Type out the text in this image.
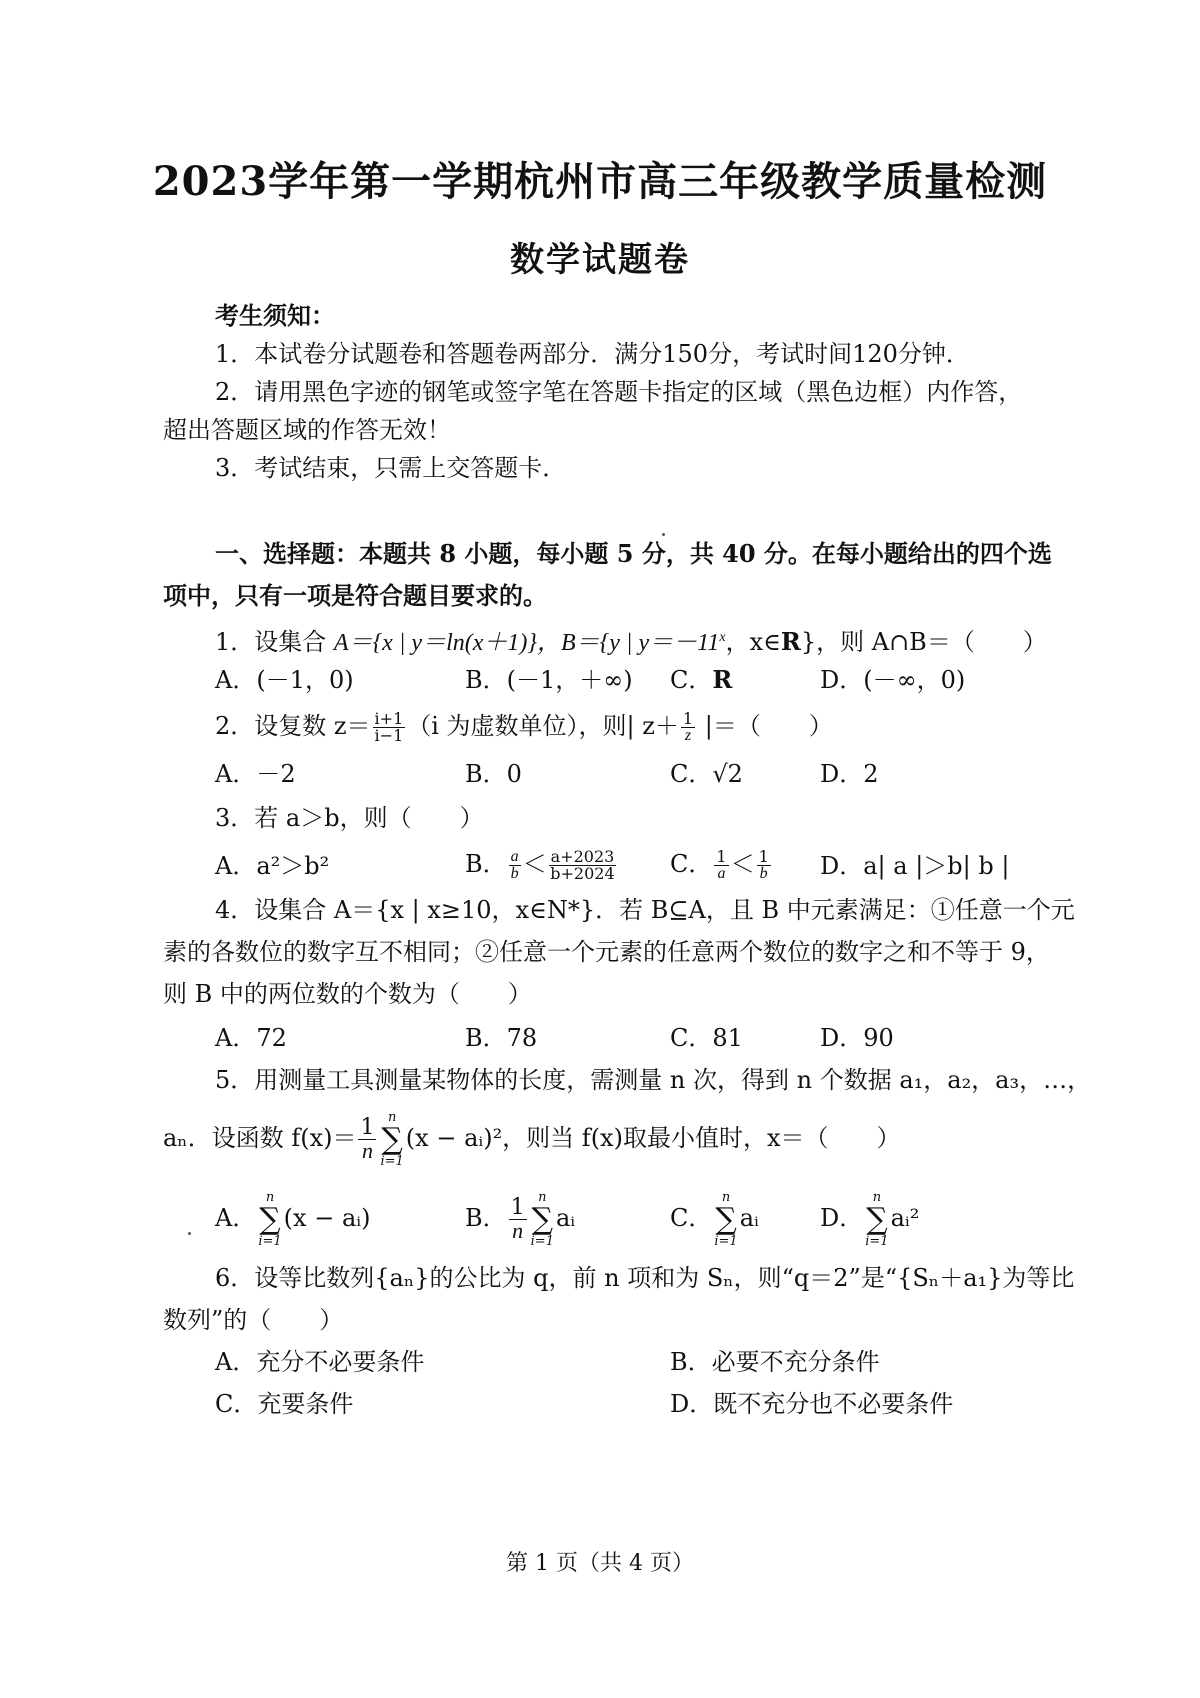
2023学年第一学期杭州市高三年级教学质量检测
数学试题卷
考生须知：
1．本试卷分试题卷和答题卷两部分．满分150分，考试时间120分钟．
2．请用黑色字迹的钢笔或签字笔在答题卡指定的区域（黑色边框）内作答，
超出答题区域的作答无效！
3．考试结束，只需上交答题卡．
一、选择题：本题共 8 小题，每小题 5 分，共 40 分。在每小题给出的四个选
项中，只有一项是符合题目要求的。
1．设集合 A＝{x | y＝ln(x＋1)}，B＝{y | $y=-11^x$，x∈R}，则 A∩B＝（　　）
A．(－1，0)	B．(－1，＋∞) C．R	D．(－∞，0)
2．设复数 $z= \frac{i+1}{i-1} (i$ 为虚数单位），则| $z+ \frac{1}{z}$ |＝（　　）
A．－2	B．0	C．√2	D．2
3．若 a＞b，则（　　）
A．a²＞b²	B． $\frac{a}{b} < \frac{a+2023}{b+2024}$ C． $\frac{1}{a} < \frac{1}{b}$ D．a| a |＞b| b |
4．设集合 A＝{x | x≥10，x∈N*}．若 B⊆A，且 B 中元素满足：①任意一个元
素的各数位的数字互不相同；②任意一个元素的任意两个数位的数字之和不等于 9，
则 B 中的两位数的个数为（　　）
A．72	B．78	C．81	D．90
5．用测量工具测量某物体的长度，需测量 n 次，得到 n 个数据 a₁，a₂，a₃，…，
aₙ．设函数 $f(x)= \frac{1}{n}$ n
∑
i=1
(x − aᵢ)²，则当 f(x)取最小值时，x＝（　　）
A．
n
∑
i=1
(x − aᵢ)	B． $\frac{1}{n}$ n
∑
i=1
aᵢ	C．
n
∑
i=1
aᵢ	D．
n
∑
i=1
aᵢ²
6．设等比数列{aₙ}的公比为 q，前 n 项和为 Sₙ，则“q＝2”是“{Sₙ＋a₁}为等比
数列”的（　　）
A．充分不必要条件	B．必要不充分条件
C．充要条件	D．既不充分也不必要条件
第 1 页（共 4 页）
